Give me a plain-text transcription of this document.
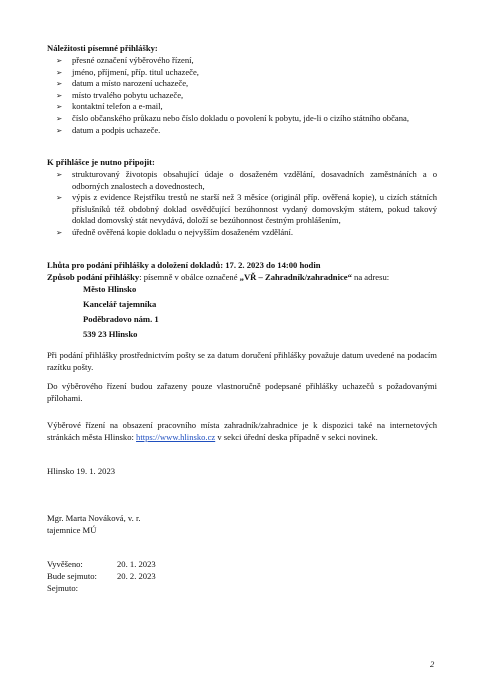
Náležitosti písemné přihlášky:
➢ přesné označení výběrového řízení,
➢ jméno, příjmení, příp. titul uchazeče,
➢ datum a místo narození uchazeče,
➢ místo trvalého pobytu uchazeče,
➢ kontaktní telefon a e-mail,
➢ číslo občanského průkazu nebo číslo dokladu o povolení k pobytu, jde-li o cizího státního občana,
➢ datum a podpis uchazeče.
K přihlášce je nutno připojit:
➢ strukturovaný životopis obsahující údaje o dosaženém vzdělání, dosavadních zaměstnáních a o odborných znalostech a dovednostech,
➢ výpis z evidence Rejstříku trestů ne starší než 3 měsíce (originál příp. ověřená kopie), u cizích státních příslušníků též obdobný doklad osvědčující bezúhonnost vydaný domovským státem, pokud takový doklad domovský stát nevydává, doloží se bezúhonnost čestným prohlášením,
➢ úředně ověřená kopie dokladu o nejvyšším dosaženém vzdělání.
Lhůta pro podání přihlášky a doložení dokladů: 17. 2. 2023 do 14:00 hodin
Způsob podání přihlášky: písemně v obálce označené „VŘ – Zahradník/zahradnice“ na adresu:
Město Hlinsko
Kancelář tajemníka
Poděbradovo nám. 1
539 23 Hlinsko
Při podání přihlášky prostřednictvím pošty se za datum doručení přihlášky považuje datum uvedené na podacím razítku pošty.
Do výběrového řízení budou zařazeny pouze vlastnoručně podepsané přihlášky uchazečů s požadovanými přílohami.
Výběrové řízení na obsazení pracovního místa zahradník/zahradnice je k dispozici také na internetových stránkách města Hlinsko: https://www.hlinsko.cz v sekci úřední deska případně v sekci novinek.
Hlinsko 19. 1. 2023
Mgr. Marta Nováková, v. r.
tajemnice MÚ
Vyvěšeno:	20. 1. 2023
Bude sejmuto: 20. 2. 2023
Sejmuto:
2
